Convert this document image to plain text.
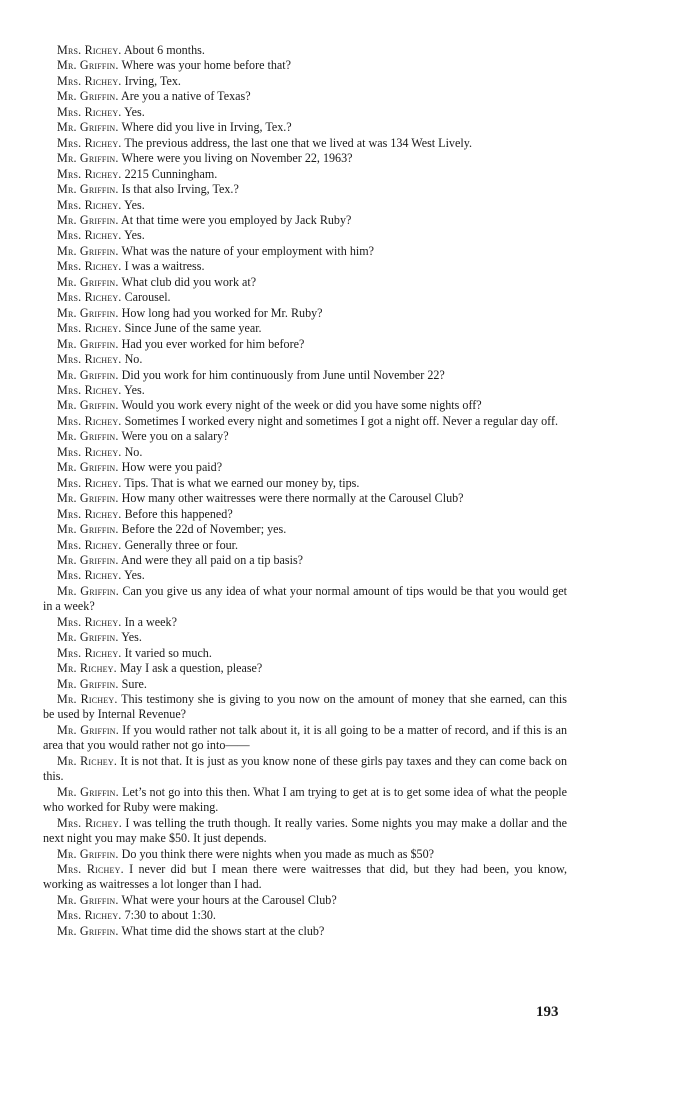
Mrs. Richey. About 6 months.

Mr. Griffin. Where was your home before that?

Mrs. Richey. Irving, Tex.

Mr. Griffin. Are you a native of Texas?

Mrs. Richey. Yes.

Mr. Griffin. Where did you live in Irving, Tex.?

Mrs. Richey. The previous address, the last one that we lived at was 134 West Lively.

Mr. Griffin. Where were you living on November 22, 1963?

Mrs. Richey. 2215 Cunningham.

Mr. Griffin. Is that also Irving, Tex.?

Mrs. Richey. Yes.

Mr. Griffin. At that time were you employed by Jack Ruby?

Mrs. Richey. Yes.

Mr. Griffin. What was the nature of your employment with him?

Mrs. Richey. I was a waitress.

Mr. Griffin. What club did you work at?

Mrs. Richey. Carousel.

Mr. Griffin. How long had you worked for Mr. Ruby?

Mrs. Richey. Since June of the same year.

Mr. Griffin. Had you ever worked for him before?

Mrs. Richey. No.

Mr. Griffin. Did you work for him continuously from June until November 22?

Mrs. Richey. Yes.

Mr. Griffin. Would you work every night of the week or did you have some nights off?

Mrs. Richey. Sometimes I worked every night and sometimes I got a night off. Never a regular day off.

Mr. Griffin. Were you on a salary?

Mrs. Richey. No.

Mr. Griffin. How were you paid?

Mrs. Richey. Tips. That is what we earned our money by, tips.

Mr. Griffin. How many other waitresses were there normally at the Carousel Club?

Mrs. Richey. Before this happened?

Mr. Griffin. Before the 22d of November; yes.

Mrs. Richey. Generally three or four.

Mr. Griffin. And were they all paid on a tip basis?

Mrs. Richey. Yes.

Mr. Griffin. Can you give us any idea of what your normal amount of tips would be that you would get in a week?

Mrs. Richey. In a week?

Mr. Griffin. Yes.

Mrs. Richey. It varied so much.

Mr. Richey. May I ask a question, please?

Mr. Griffin. Sure.

Mr. Richey. This testimony she is giving to you now on the amount of money that she earned, can this be used by Internal Revenue?

Mr. Griffin. If you would rather not talk about it, it is all going to be a matter of record, and if this is an area that you would rather not go into——

Mr. Richey. It is not that. It is just as you know none of these girls pay taxes and they can come back on this.

Mr. Griffin. Let’s not go into this then. What I am trying to get at is to get some idea of what the people who worked for Ruby were making.

Mrs. Richey. I was telling the truth though. It really varies. Some nights you may make a dollar and the next night you may make $50. It just depends.

Mr. Griffin. Do you think there were nights when you made as much as $50?

Mrs. Richey. I never did but I mean there were waitresses that did, but they had been, you know, working as waitresses a lot longer than I had.

Mr. Griffin. What were your hours at the Carousel Club?

Mrs. Richey. 7:30 to about 1:30.

Mr. Griffin. What time did the shows start at the club?

193
